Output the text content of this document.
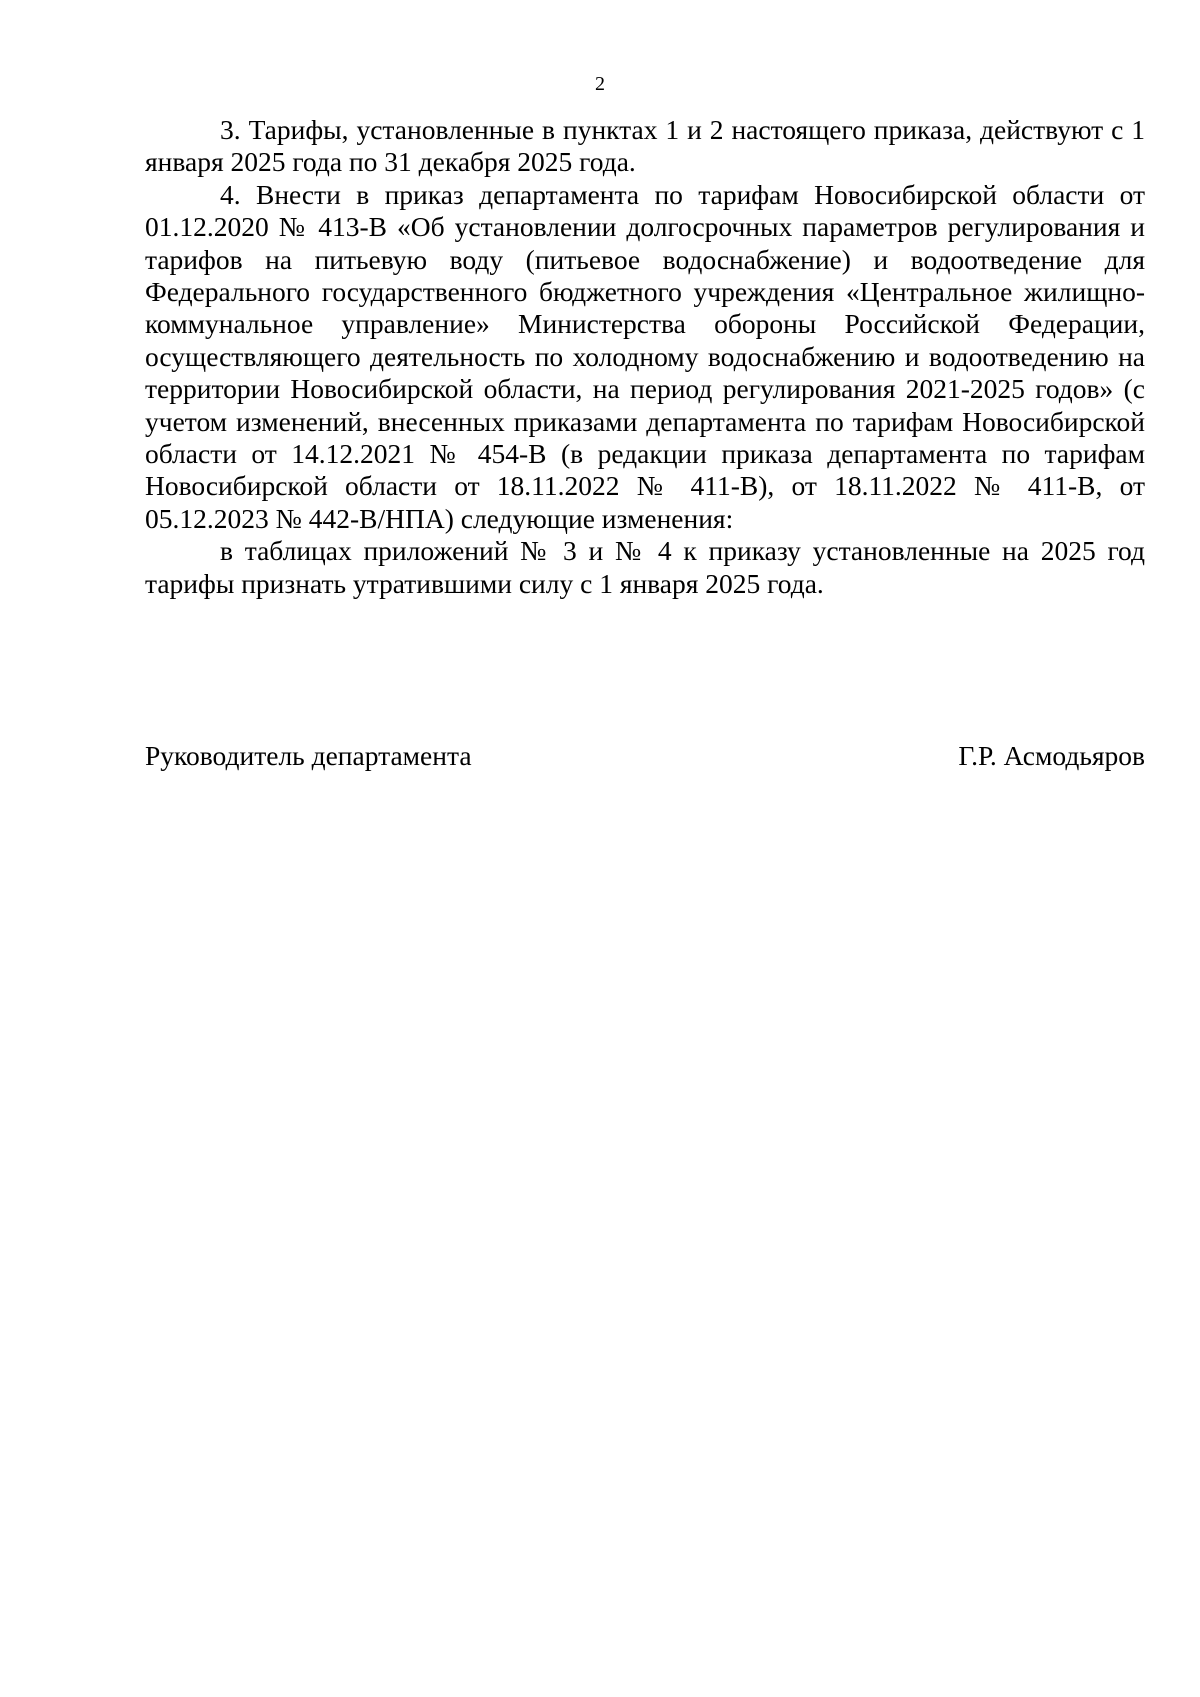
2

3. Тарифы, установленные в пунктах 1 и 2 настоящего приказа, действуют с 1 января 2025 года по 31 декабря 2025 года.

4. Внести в приказ департамента по тарифам Новосибирской области от 01.12.2020 № 413-В «Об установлении долгосрочных параметров регулирования и тарифов на питьевую воду (питьевое водоснабжение) и водоотведение для Федерального государственного бюджетного учреждения «Центральное жилищно-коммунальное управление» Министерства обороны Российской Федерации, осуществляющего деятельность по холодному водоснабжению и водоотведению на территории Новосибирской области, на период регулирования 2021-2025 годов» (с учетом изменений, внесенных приказами департамента по тарифам Новосибирской области от 14.12.2021 № 454-В (в редакции приказа департамента по тарифам Новосибирской области от 18.11.2022 № 411-В), от 18.11.2022 № 411-В, от 05.12.2023 № 442-В/НПА) следующие изменения:

в таблицах приложений № 3 и № 4 к приказу установленные на 2025 год тарифы признать утратившими силу с 1 января 2025 года.

Руководитель департамента	Г.Р. Асмодьяров
